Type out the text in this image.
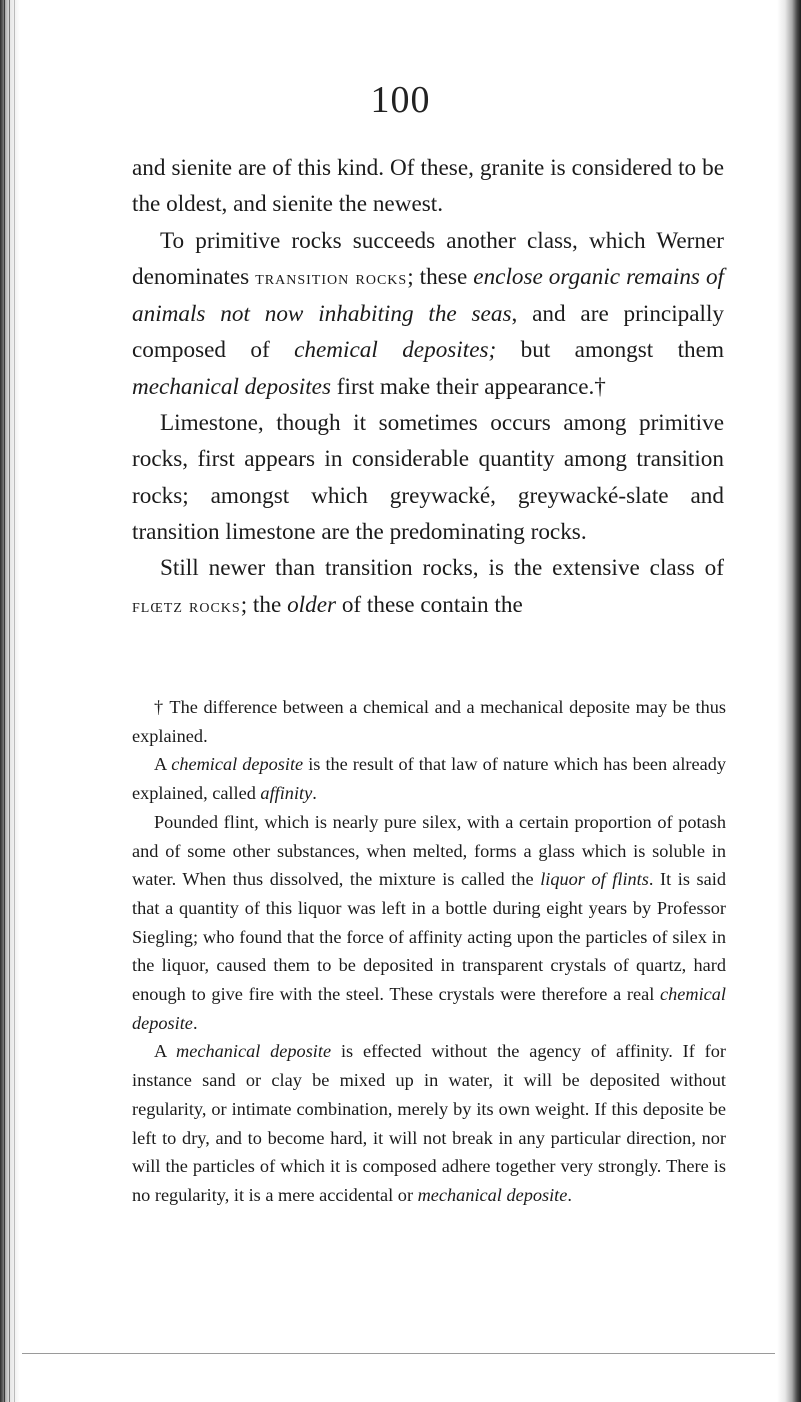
100

and sienite are of this kind. Of these, granite is considered to be the oldest, and sienite the newest.

To primitive rocks succeeds another class, which Werner denominates transition rocks; these enclose organic remains of animals not now inhabiting the seas, and are principally composed of chemical deposites; but amongst them mechanical deposites first make their appearance.†

Limestone, though it sometimes occurs among primitive rocks, first appears in considerable quantity among transition rocks; amongst which greywacké, greywacké-slate and transition limestone are the predominating rocks.

Still newer than transition rocks, is the extensive class of flœtz rocks; the older of these contain the

† The difference between a chemical and a mechanical deposite may be thus explained.

A chemical deposite is the result of that law of nature which has been already explained, called affinity.

Pounded flint, which is nearly pure silex, with a certain proportion of potash and of some other substances, when melted, forms a glass which is soluble in water. When thus dissolved, the mixture is called the liquor of flints. It is said that a quantity of this liquor was left in a bottle during eight years by Professor Siegling; who found that the force of affinity acting upon the particles of silex in the liquor, caused them to be deposited in transparent crystals of quartz, hard enough to give fire with the steel. These crystals were therefore a real chemical deposite.

A mechanical deposite is effected without the agency of affinity. If for instance sand or clay be mixed up in water, it will be deposited without regularity, or intimate combination, merely by its own weight. If this deposite be left to dry, and to become hard, it will not break in any particular direction, nor will the particles of which it is composed adhere together very strongly. There is no regularity, it is a mere accidental or mechanical deposite.
